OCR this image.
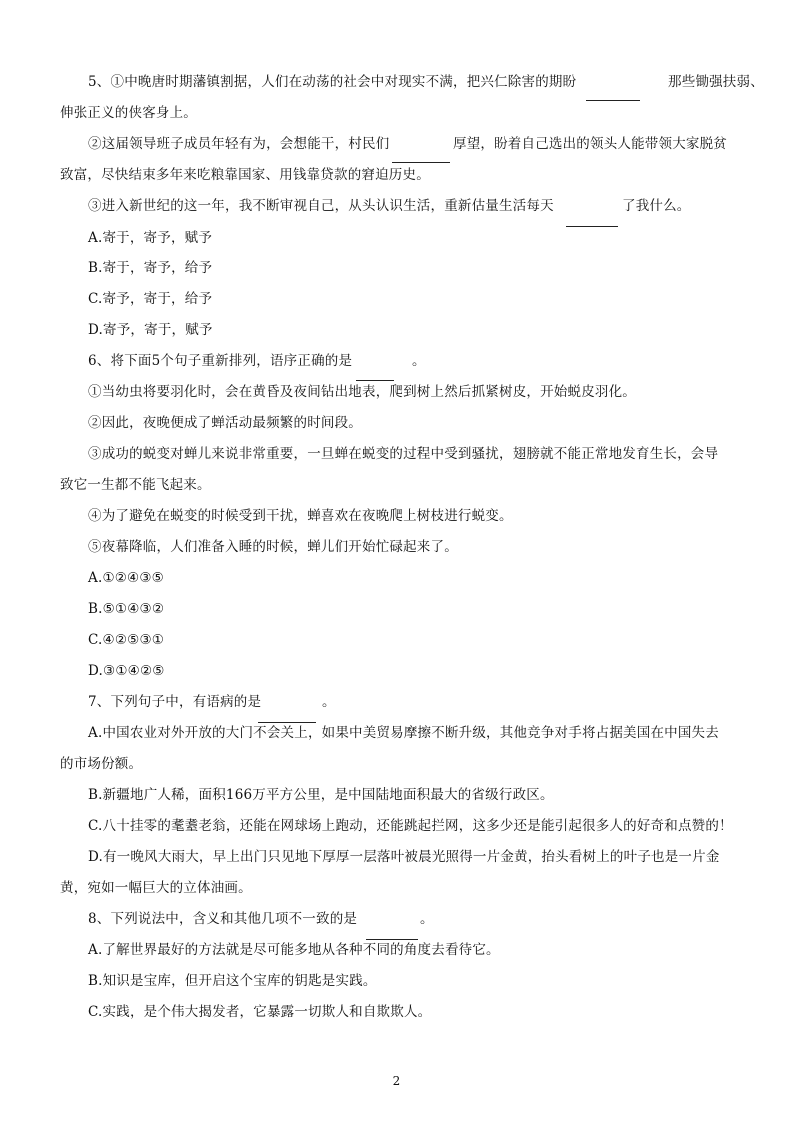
5、①中晚唐时期藩镇割据，人们在动荡的社会中对现实不满，把兴仁除害的期盼	那些锄强扶弱、
伸张正义的侠客身上。
②这届领导班子成员年轻有为，会想能干，村民们	厚望，盼着自己选出的领头人能带领大家脱贫
致富，尽快结束多年来吃粮靠国家、用钱靠贷款的窘迫历史。
③进入新世纪的这一年，我不断审视自己，从头认识生活，重新估量生活每天	了我什么。
A.寄于，寄予，赋予
B.寄于，寄予，给予
C.寄予，寄于，给予
D.寄予，寄于，赋予
6、将下面5个句子重新排列，语序正确的是	。
①当幼虫将要羽化时，会在黄昏及夜间钻出地表，爬到树上然后抓紧树皮，开始蜕皮羽化。
②因此，夜晚便成了蝉活动最频繁的时间段。
③成功的蜕变对蝉儿来说非常重要，一旦蝉在蜕变的过程中受到骚扰，翅膀就不能正常地发育生长，会导
致它一生都不能飞起来。
④为了避免在蜕变的时候受到干扰，蝉喜欢在夜晚爬上树枝进行蜕变。
⑤夜幕降临，人们准备入睡的时候，蝉儿们开始忙碌起来了。
A.①②④③⑤
B.⑤①④③②
C.④②⑤③①
D.③①④②⑤
7、下列句子中，有语病的是	。
A.中国农业对外开放的大门不会关上，如果中美贸易摩擦不断升级，其他竞争对手将占据美国在中国失去
的市场份额。
B.新疆地广人稀，面积166万平方公里，是中国陆地面积最大的省级行政区。
C.八十挂零的耄耋老翁，还能在网球场上跑动，还能跳起拦网，这多少还是能引起很多人的好奇和点赞的！
D.有一晚风大雨大，早上出门只见地下厚厚一层落叶被晨光照得一片金黄，抬头看树上的叶子也是一片金
黄，宛如一幅巨大的立体油画。
8、下列说法中，含义和其他几项不一致的是	。
A.了解世界最好的方法就是尽可能多地从各种不同的角度去看待它。
B.知识是宝库，但开启这个宝库的钥匙是实践。
C.实践，是个伟大揭发者，它暴露一切欺人和自欺欺人。
2
